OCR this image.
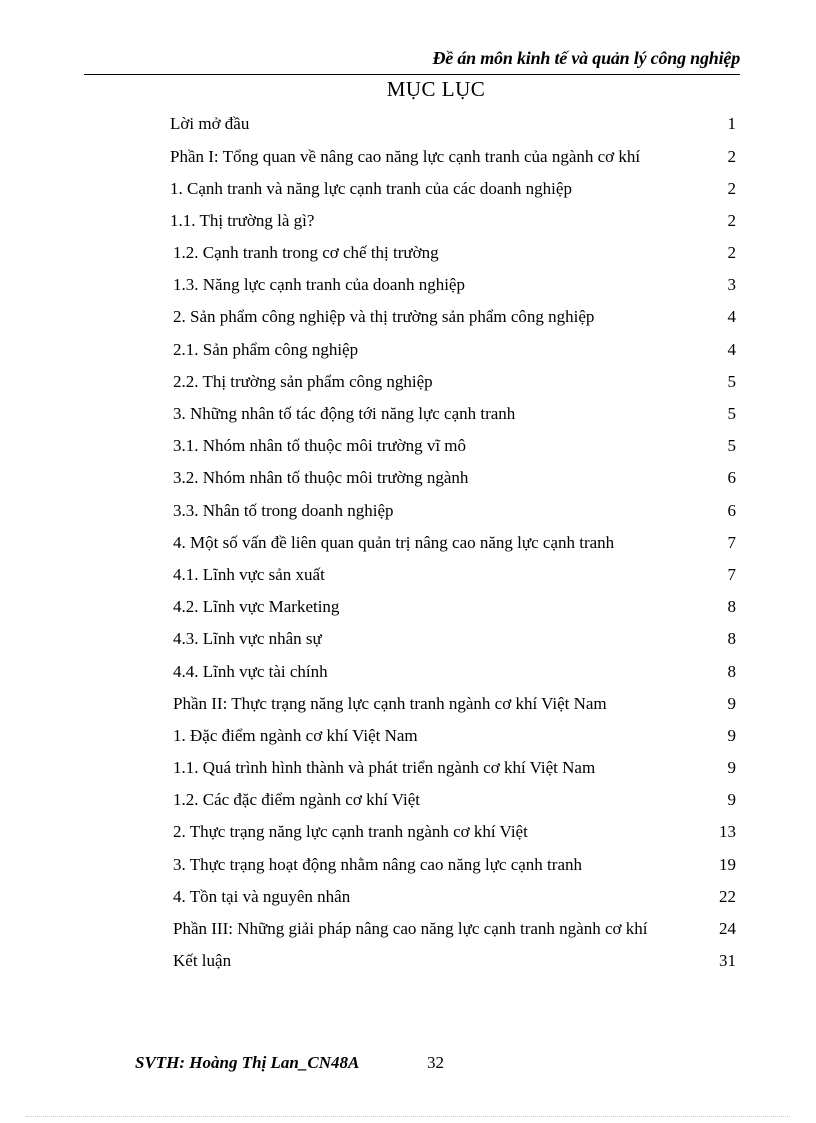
Đề án môn kinh tế và quản lý công nghiệp
MỤC LỤC
Lời mở đầu	1
Phần I: Tổng quan về nâng cao năng lực cạnh tranh của ngành cơ khí	2
1. Cạnh tranh và năng lực cạnh tranh của các doanh nghiệp	2
1.1. Thị trường là gì?	2
1.2. Cạnh tranh trong cơ chế thị trường	2
1.3. Năng lực cạnh tranh của doanh nghiệp	3
2. Sản phẩm công nghiệp và thị trường sản phẩm công nghiệp	4
2.1. Sản phẩm công nghiệp	4
2.2. Thị trường sản phẩm công nghiệp	5
3. Những nhân tố tác động tới năng lực cạnh tranh	5
3.1. Nhóm nhân tố thuộc môi trường vĩ mô	5
3.2. Nhóm nhân tố thuộc môi trường ngành	6
3.3. Nhân tố trong doanh nghiệp	6
4. Một số vấn đề liên quan quản trị nâng cao năng lực cạnh tranh	7
4.1. Lĩnh vực sản xuất	7
4.2. Lĩnh vực Marketing	8
4.3. Lĩnh vực nhân sự	8
4.4. Lĩnh vực tài chính	8
Phần II: Thực trạng năng lực cạnh tranh ngành cơ khí Việt Nam	9
1. Đặc điểm ngành cơ khí Việt Nam	9
1.1. Quá trình hình thành và phát triển ngành cơ khí Việt Nam	9
1.2. Các đặc điểm ngành cơ khí Việt	9
2. Thực trạng năng lực cạnh tranh ngành cơ khí Việt	13
3. Thực trạng hoạt động nhằm nâng cao năng lực cạnh tranh	19
4. Tồn tại và nguyên nhân	22
Phần III: Những giải pháp nâng cao năng lực cạnh tranh ngành cơ khí	24
Kết luận	31
SVTH: Hoàng Thị Lan_CN48A	32
